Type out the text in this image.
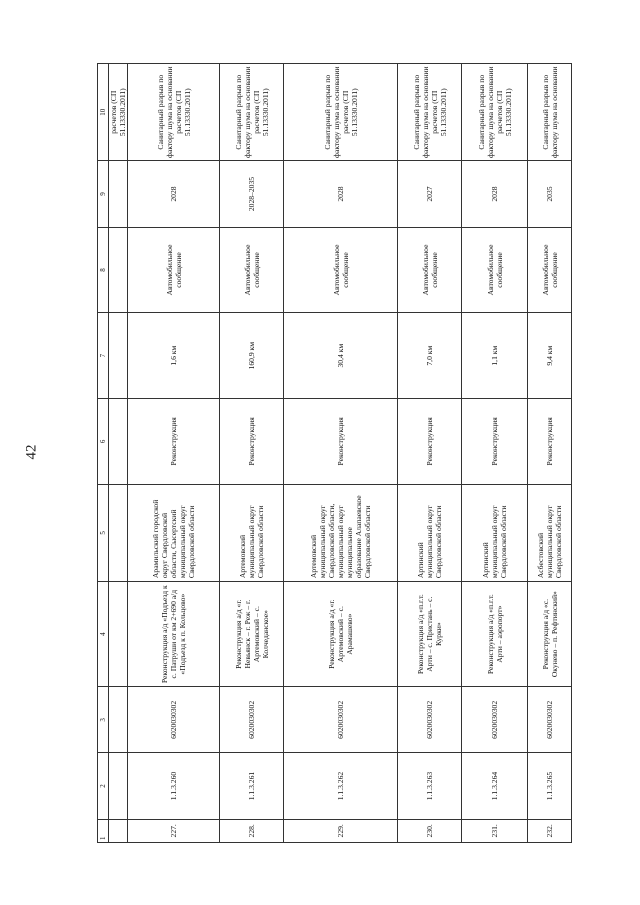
42
1	2	3	4	5	6	7	8	9	10
									расчетов (СП 51.13330.2011)
227.	1.1.3.260	6020030302	Реконструкция а/д «Подъезд к с. Патруши от км 2+690 а/д «Подъезд к п. Кольцово»	Арамильский городской округ Свердловской области, Сысертский муниципальный округ Свердловской области	Реконструкция	1,6 км	Автомобильное сообщение	2028	Санитарный разрыв по фактору шума на основании расчетов (СП 51.13330.2011)
228.	1.1.3.261	6020030302	Реконструкция а/д «г. Невьянск – г. Реж – г. Артемовский – с. Колчеданское»	Артемовский муниципальный округ Свердловской области	Реконструкция	160,9 км	Автомобильное сообщение	2028–2035	Санитарный разрыв по фактору шума на основании расчетов (СП 51.13330.2011)
229.	1.1.3.262	6020030302	Реконструкция а/д «г. Артемовский – с. Арамашево»	Артемовский муниципальный округ Свердловской области, муниципальный округ муниципальное образование Алапаевское Свердловской области	Реконструкция	30,4 км	Автомобильное сообщение	2028	Санитарный разрыв по фактору шума на основании расчетов (СП 51.13330.2011)
230.	1.1.3.263	6020030302	Реконструкция а/д «п.г.т. Арти – с. Пристань – с. Курки»	Артинский муниципальный округ Свердловской области	Реконструкция	7,0 км	Автомобильное сообщение	2027	Санитарный разрыв по фактору шума на основании расчетов (СП 51.13330.2011)
231.	1.1.3.264	6020030302	Реконструкция а/д «п.г.т. Арти – аэропорт»	Артинский муниципальный округ Свердловской области	Реконструкция	1,1 км	Автомобильное сообщение	2028	Санитарный разрыв по фактору шума на основании расчетов (СП 51.13330.2011)
232.	1.1.3.265	6020030302	Реконструкция а/д «с. Окунево – п. Рефтинский»	Асбестовский муниципальный округ Свердловской области	Реконструкция	9,4 км	Автомобильное сообщение	2035	Санитарный разрыв по фактору шума на основании
